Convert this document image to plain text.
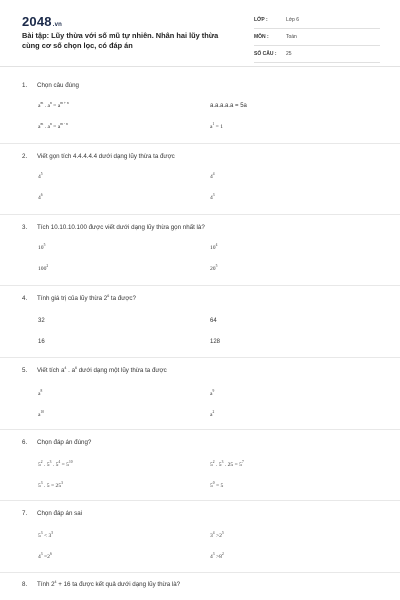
2048.vn
Bài tập: Lũy thừa với số mũ tự nhiên. Nhân hai lũy thừa cùng cơ số chọn lọc, có đáp án
LỚP :	Lớp 6
MÔN :	Toán
SỐ CÂU : 25
1. Chọn câu đúng
$a^m$ . $a^n = a^{m + n}$	a.a.a.a.a = 5a
$a^m$ . $a^n = a^{m - n}$	$a^1 = 1$
2. Viết gọn tích 4.4.4.4.4 dưới dạng lũy thừa ta được
$4^5$	$4^4$
$4^6$	$4^3$
3. Tích 10.10.10.100 được viết dưới dạng lũy thừa gọn nhất là?
$10^5$	$10^4$
$100^2$	$20^5$
4. Tính giá trị của lũy thừa $2^6$ ta được?
32	64
16	128
5. Viết tích $a^4$ . $a^6$ dưới dạng một lũy thừa ta được
$a^8$	$a^9$
$a^{10}$	$a^2$
6. Chọn đáp án đúng?
$5^2$ . $5^3$ . $5^4 = 5^{10}$	$5^2$ . $5^3$ . $25 = 5^7$
$5^3$ . $5 = 25^3$	$5^0 = 5$
7. Chọn đáp án sai
$5^3 < 3^5$	$3^4 >2^5$
$4^3 =2^6$	$4^3 >8^2$
8. Tính $2^4 + 16$ ta được kết quả dưới dạng lũy thừa là?
